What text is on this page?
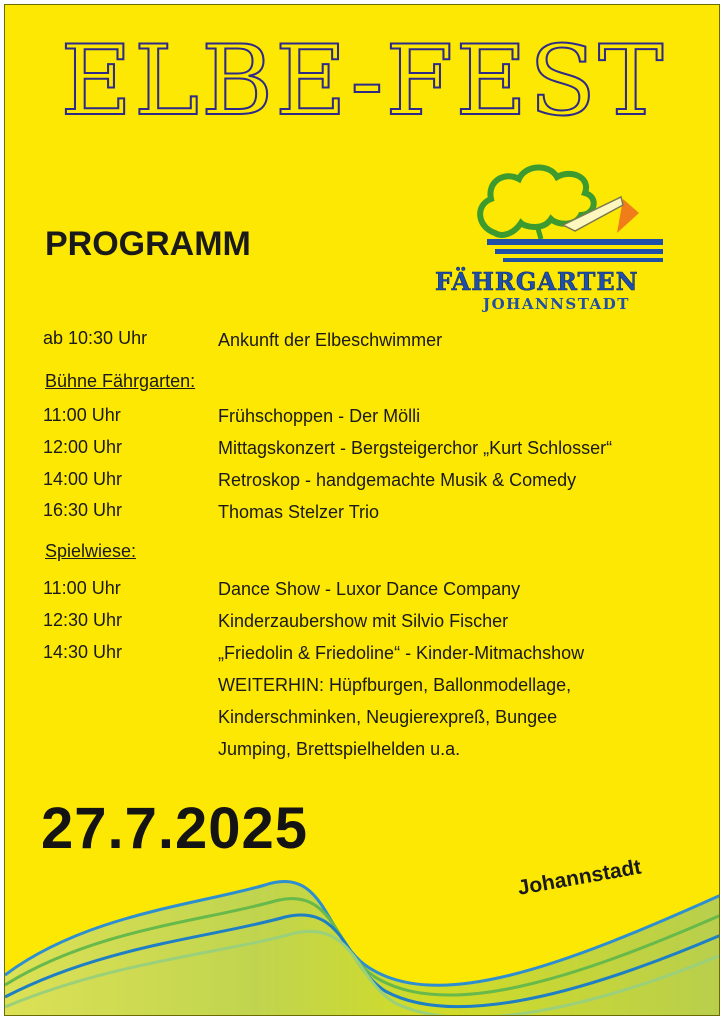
ELBE-FEST
PROGRAMM
FÄHRGARTEN
JOHANNSTADT
ab 10:30 Uhr	Ankunft der Elbeschwimmer
Bühne Fährgarten:
11:00 Uhr	Frühschoppen - Der Mölli
12:00 Uhr	Mittagskonzert - Bergsteigerchor „Kurt Schlosser“
14:00 Uhr	Retroskop - handgemachte Musik & Comedy
16:30 Uhr	Thomas Stelzer Trio
Spielwiese:
11:00 Uhr	Dance Show - Luxor Dance Company
12:30 Uhr	Kinderzaubershow mit Silvio Fischer
14:30 Uhr	„Friedolin & Friedoline“ - Kinder-Mitmachshow
WEITERHIN: Hüpfburgen, Ballonmodellage,
Kinderschminken, Neugierexpreß, Bungee
Jumping, Brettspielhelden u.a.
27.7.2025
Johannstadt
